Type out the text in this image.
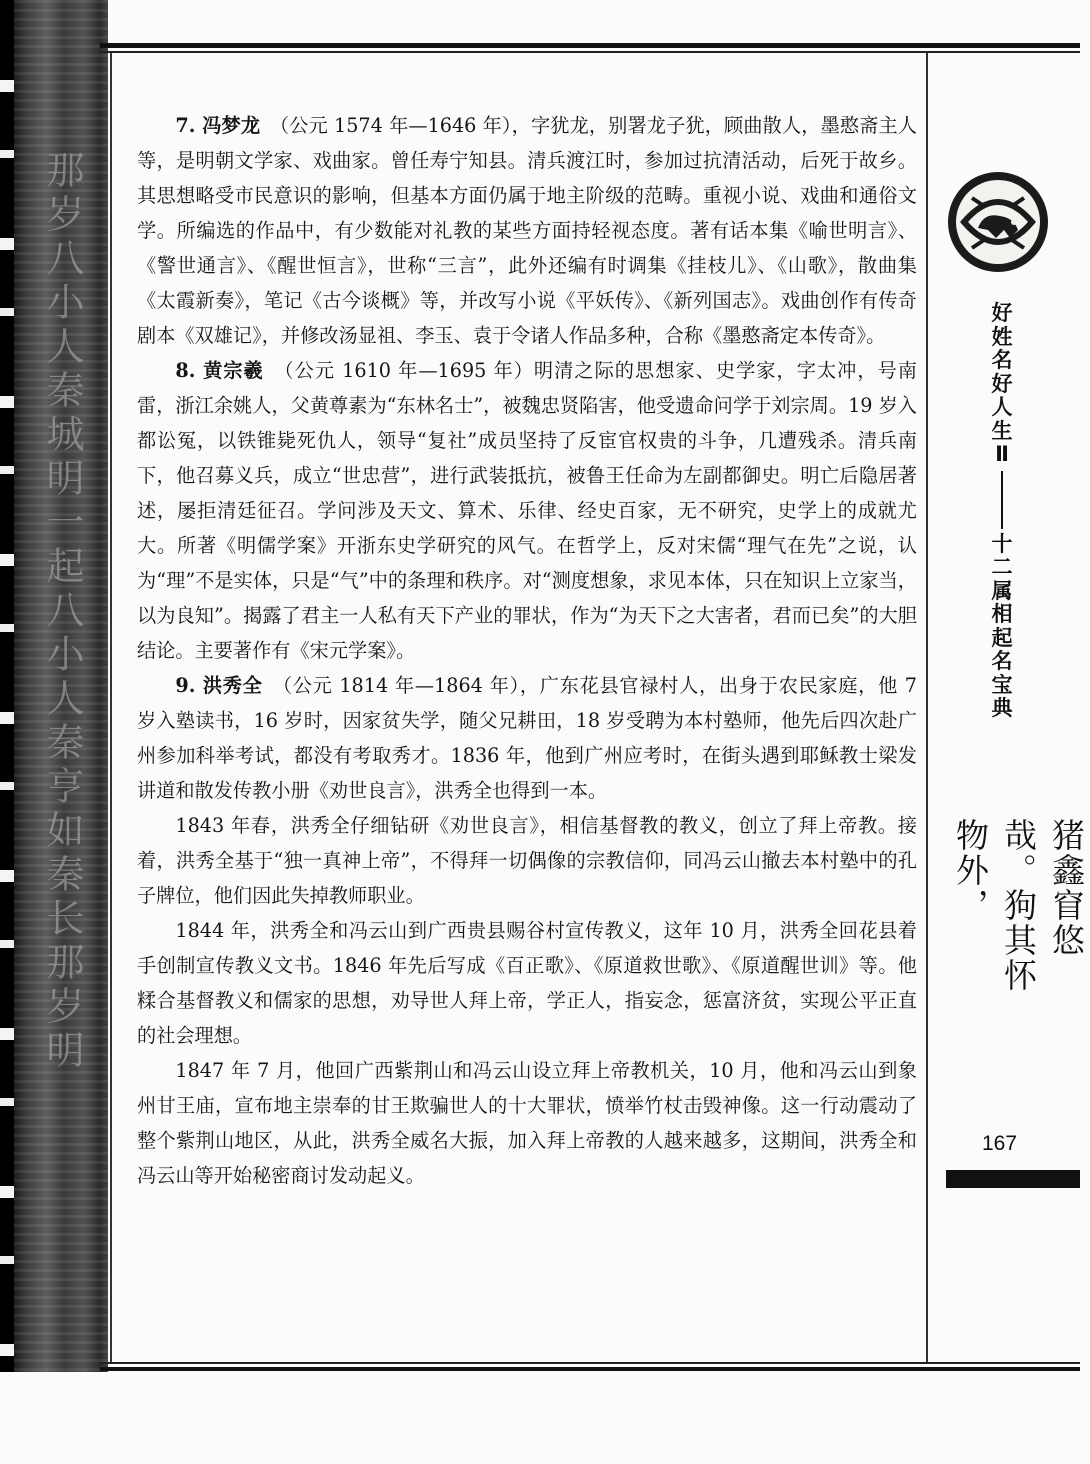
那岁八小人秦城明一起八小人秦亨如秦长那岁明

7. 冯梦龙　 （公元 1574 年—1646 年），字犹龙，别署龙子犹，顾曲散人，墨憨斋主人等，是明朝文学家、戏曲家。曾任寿宁知县。清兵渡江时，参加过抗清活动，后死于故乡。其思想略受市民意识的影响，但基本方面仍属于地主阶级的范畴。重视小说、戏曲和通俗文学。所编选的作品中，有少数能对礼教的某些方面持轻视态度。著有话本集《喻世明言》、《警世通言》、《醒世恒言》，世称“三言”，此外还编有时调集《挂枝儿》、《山歌》，散曲集《太霞新奏》，笔记《古今谈概》等，并改写小说《平妖传》、《新列国志》。戏曲创作有传奇剧本《双雄记》，并修改汤显祖、李玉、袁于令诸人作品多种，合称《墨憨斋定本传奇》。

8. 黄宗羲　 （公元 1610 年—1695 年）明清之际的思想家、史学家，字太冲，号南雷，浙江余姚人，父黄尊素为“东林名士”，被魏忠贤陷害，他受遗命问学于刘宗周。19 岁入都讼冤，以铁锥毙死仇人，领导“复社”成员坚持了反宦官权贵的斗争，几遭残杀。清兵南下，他召募义兵，成立“世忠营”，进行武装抵抗，被鲁王任命为左副都御史。明亡后隐居著述，屡拒清廷征召。学问涉及天文、算术、乐律、经史百家，无不研究，史学上的成就尤大。所著《明儒学案》开浙东史学研究的风气。在哲学上，反对宋儒“理气在先”之说，认为“理”不是实体，只是“气”中的条理和秩序。对“测度想象，求见本体，只在知识上立家当，以为良知”。揭露了君主一人私有天下产业的罪状，作为“为天下之大害者，君而已矣”的大胆结论。主要著作有《宋元学案》。

9. 洪秀全　 （公元 1814 年—1864 年），广东花县官禄村人，出身于农民家庭，他 7 岁入塾读书，16 岁时，因家贫失学，随父兄耕田，18 岁受聘为本村塾师，他先后四次赴广州参加科举考试，都没有考取秀才。1836 年，他到广州应考时，在街头遇到耶稣教士梁发讲道和散发传教小册《劝世良言》，洪秀全也得到一本。

1843 年春，洪秀全仔细钻研《劝世良言》，相信基督教的教义，创立了拜上帝教。接着，洪秀全基于“独一真神上帝”，不得拜一切偶像的宗教信仰，同冯云山撤去本村塾中的孔子牌位，他们因此失掉教师职业。

1844 年，洪秀全和冯云山到广西贵县赐谷村宣传教义，这年 10 月，洪秀全回花县着手创制宣传教义文书。1846 年先后写成《百正歌》、《原道救世歌》、《原道醒世训》等。他糅合基督教义和儒家的思想，劝导世人拜上帝，学正人，指妄念，惩富济贫，实现公平正直的社会理想。

1847 年 7 月，他回广西紫荆山和冯云山设立拜上帝教机关，10 月，他和冯云山到象州甘王庙，宣布地主崇奉的甘王欺骗世人的十大罪状，愤举竹杖击毁神像。这一行动震动了整个紫荆山地区，从此，洪秀全威名大振，加入拜上帝教的人越来越多，这期间，洪秀全和冯云山等开始秘密商讨发动起义。

好姓名好人生
Ⅱ
十二属相起名宝典
猪鑫窅悠哉。狗其怀物外，
167
